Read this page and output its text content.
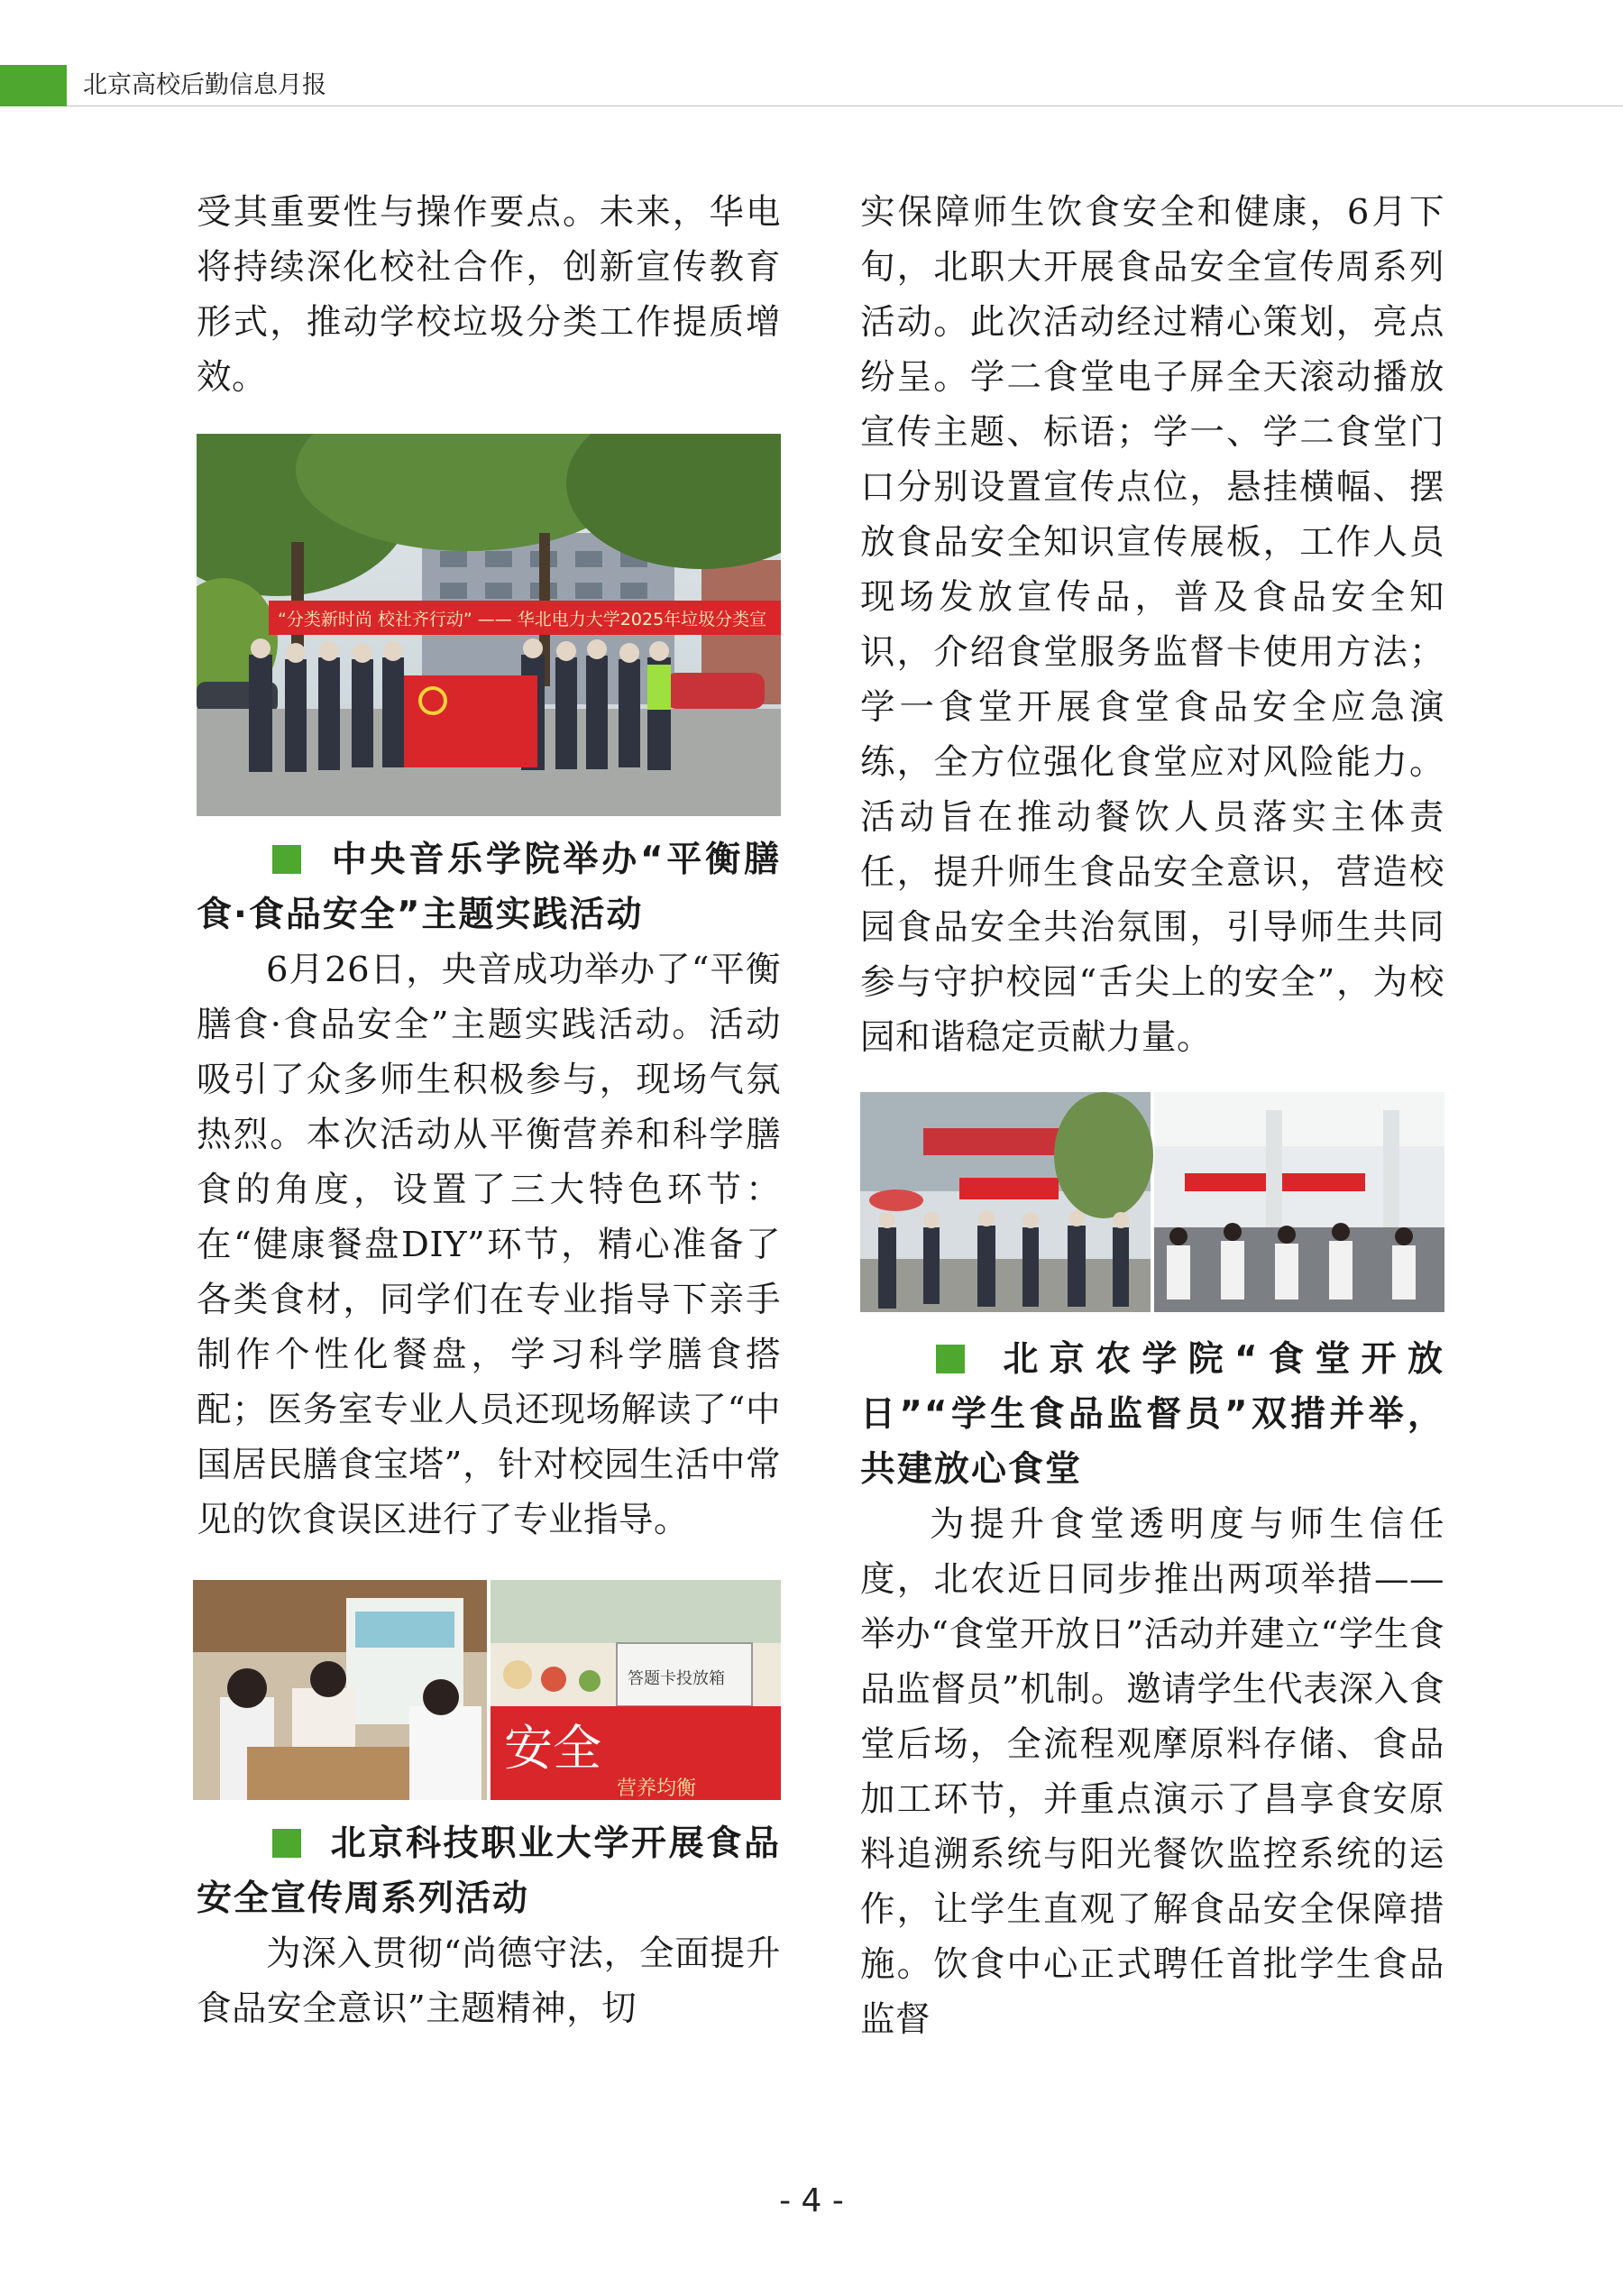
北京高校后勤信息月报

受其重要性与操作要点。未来，华电将持续深化校社合作，创新宣传教育形式，推动学校垃圾分类工作提质增效。

“分类新时尚 校社齐行动” —— 华北电力大学2025年垃圾分类宣

中央音乐学院举办“平衡膳食·食品安全”主题实践活动

6月26日，央音成功举办了“平衡膳食·食品安全”主题实践活动。活动吸引了众多师生积极参与，现场气氛热烈。本次活动从平衡营养和科学膳食的角度，设置了三大特色环节：在“健康餐盘DIY”环节，精心准备了各类食材，同学们在专业指导下亲手制作个性化餐盘，学习科学膳食搭配；医务室专业人员还现场解读了“中国居民膳食宝塔”，针对校园生活中常见的饮食误区进行了专业指导。

答题卡投放箱
安全
营养均衡

北京科技职业大学开展食品安全宣传周系列活动

为深入贯彻“尚德守法，全面提升食品安全意识”主题精神，切

实保障师生饮食安全和健康，6月下旬，北职大开展食品安全宣传周系列活动。此次活动经过精心策划，亮点纷呈。学二食堂电子屏全天滚动播放宣传主题、标语；学一、学二食堂门口分别设置宣传点位，悬挂横幅、摆放食品安全知识宣传展板，工作人员现场发放宣传品，普及食品安全知识，介绍食堂服务监督卡使用方法；学一食堂开展食堂食品安全应急演练，全方位强化食堂应对风险能力。活动旨在推动餐饮人员落实主体责任，提升师生食品安全意识，营造校园食品安全共治氛围，引导师生共同参与守护校园“舌尖上的安全”，为校园和谐稳定贡献力量。

北京农学院“食堂开放日”“学生食品监督员”双措并举，共建放心食堂

为提升食堂透明度与师生信任度，北农近日同步推出两项举措——举办“食堂开放日”活动并建立“学生食品监督员”机制。邀请学生代表深入食堂后场，全流程观摩原料存储、食品加工环节，并重点演示了昌享食安原料追溯系统与阳光餐饮监控系统的运作，让学生直观了解食品安全保障措施。饮食中心正式聘任首批学生食品监督

- 4 -
